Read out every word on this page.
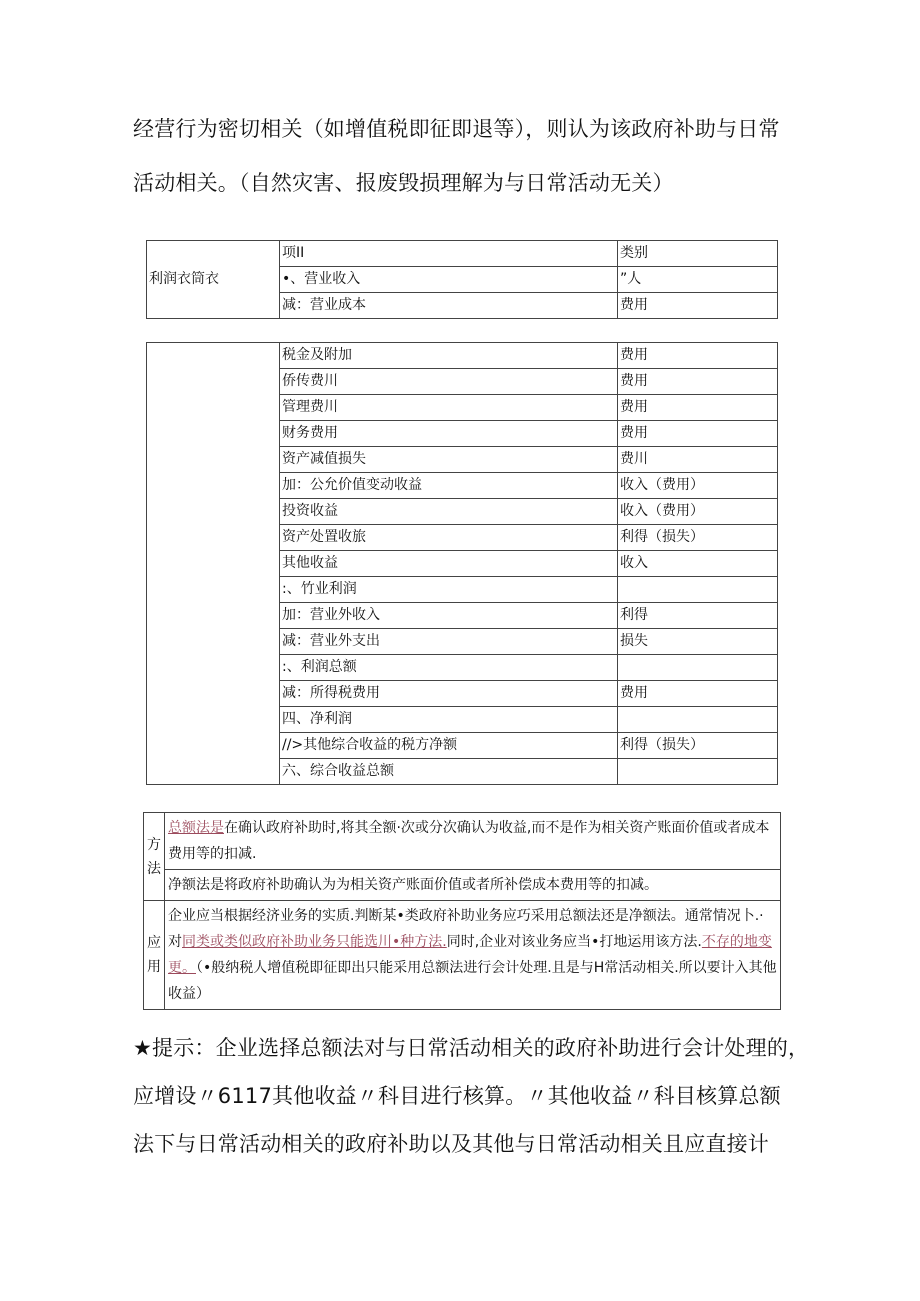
经营行为密切相关（如增值税即征即退等），则认为该政府补助与日常
活动相关。（自然灾害、报废毁损理解为与日常活动无关）
利润衣筒衣	项II	类别
	•、营业收入	”人
	减：营业成本	费用
	税金及附加	费用
	侨传费川	费用
	管理费川	费用
	财务费用	费用
	资产减值损失	费川
	加：公允价值变动收益	收入（费用）
	投资收益	收入（费用）
	资产处置收旅	利得（损失）
	其他收益	收入
	:、竹业利润	
	加：营业外收入	利得
	减：营业外支出	损失
	:、利润总额	
	减：所得税费用	费用
	四、净利润	
	//>其他综合收益的税方净额	利得（损失）
	六、综合收益总额	
方法	总额法是在确认政府补助时,将其全额·次或分次确认为收益,而不是作为相关资产账面价值或者成本费用等的扣减.
	净额法是将政府补助确认为为相关资产账面价值或者所补偿成本费用等的扣减。
应用	企业应当根据经济业务的实质.判断某•类政府补助业务应巧采用总额法还是净额法。通常情况卜.·对同类或类似政府补助业务只能选川•种方法.同时,企业对该业务应当•打地运用该方法.不存的地变更。（•般纳税人增值税即征即出只能采用总额法进行会计处理.且是与H常活动相关.所以要计入其他收益）
★提示：企业选择总额法对与日常活动相关的政府补助进行会计处理的，
应增设〃6117其他收益〃科目进行核算。〃其他收益〃科目核算总额
法下与日常活动相关的政府补助以及其他与日常活动相关且应直接计
